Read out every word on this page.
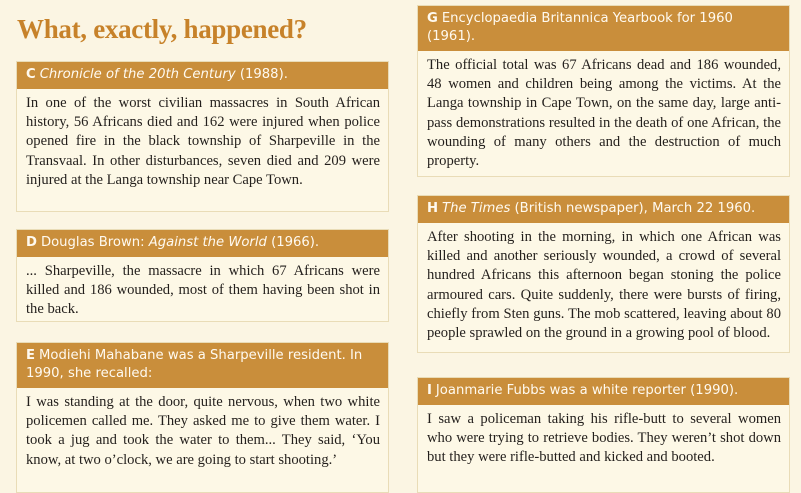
What, exactly, happened?
C Chronicle of the 20th Century (1988).
In one of the worst civilian massacres in South African history, 56 Africans died and 162 were injured when police opened fire in the black township of Sharpeville in the Transvaal. In other disturbances, seven died and 209 were injured at the Langa township near Cape Town.
D Douglas Brown: Against the World (1966).
... Sharpeville, the massacre in which 67 Africans were killed and 186 wounded, most of them having been shot in the back.
E Modiehi Mahabane was a Sharpeville resident. In 1990, she recalled:
I was standing at the door, quite nervous, when two white policemen called me. They asked me to give them water. I took a jug and took the water to them... They said, ‘You know, at two o’clock, we are going to start shooting.’
G Encyclopaedia Britannica Yearbook for 1960 (1961).
The official total was 67 Africans dead and 186 wounded, 48 women and children being among the victims. At the Langa township in Cape Town, on the same day, large anti-pass demonstrations resulted in the death of one African, the wounding of many others and the destruction of much property.
H The Times (British newspaper), March 22 1960.
After shooting in the morning, in which one African was killed and another seriously wounded, a crowd of several hundred Africans this afternoon began stoning the police armoured cars. Quite suddenly, there were bursts of firing, chiefly from Sten guns. The mob scattered, leaving about 80 people sprawled on the ground in a growing pool of blood.
I Joanmarie Fubbs was a white reporter (1990).
I saw a policeman taking his rifle-butt to several women who were trying to retrieve bodies. They weren’t shot down but they were rifle-butted and kicked and booted.
